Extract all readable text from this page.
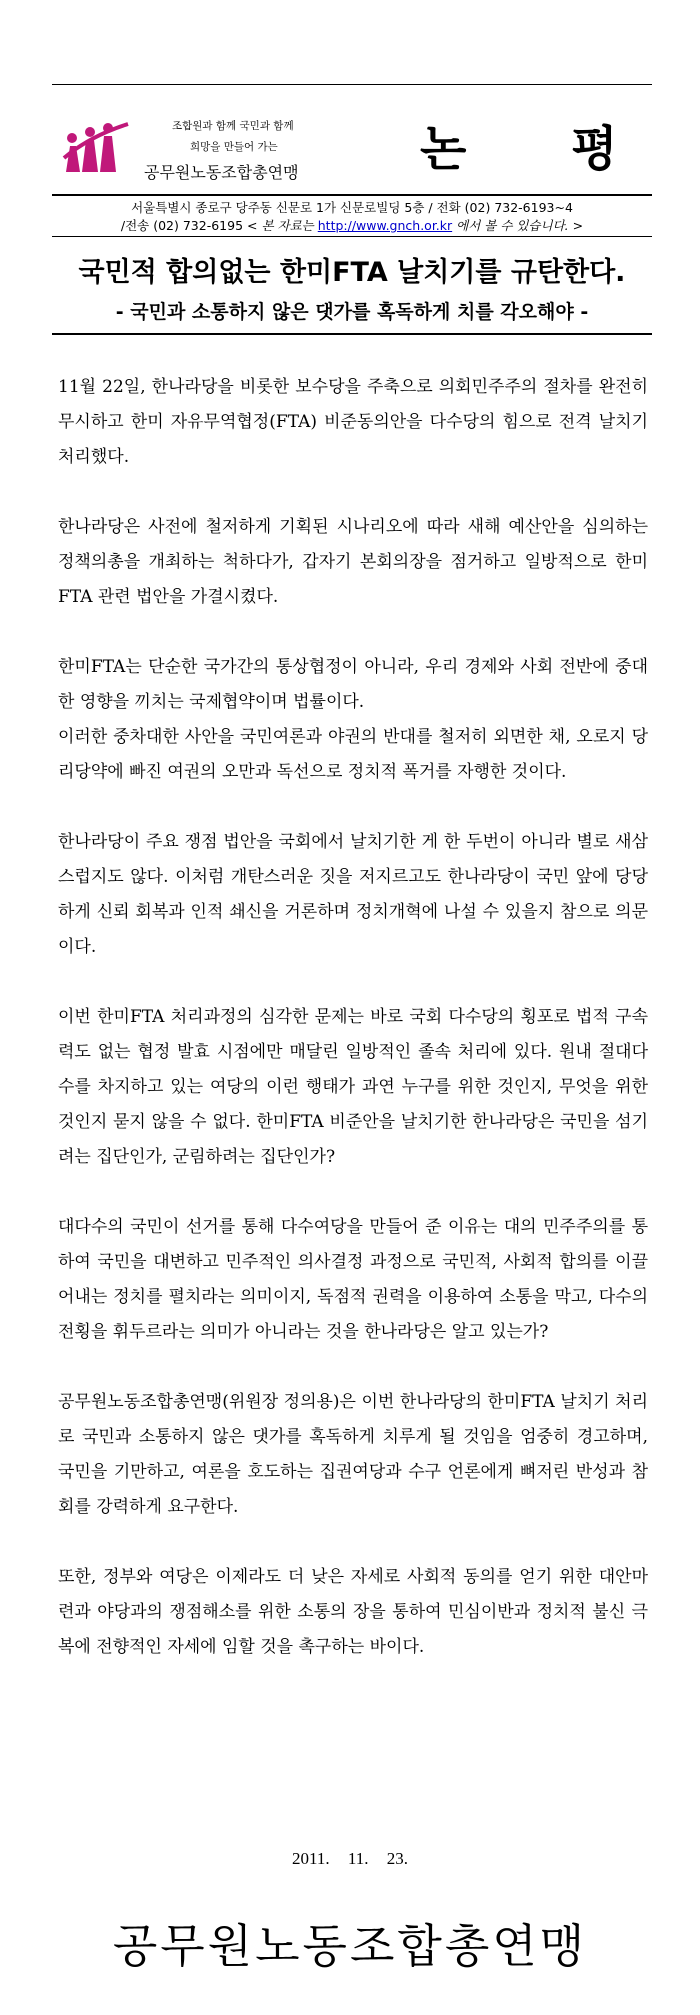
조합원과 함께 국민과 함께
희망을 만들어 가는
공무원노동조합총연맹	논 평
서울특별시 종로구 당주동 신문로 1가 신문로빌딩 5층 / 전화 (02) 732-6193~4
/전송 (02) 732-6195 < 본 자료는 http://www.gnch.or.kr 에서 볼 수 있습니다. >
국민적 합의없는 한미FTA 날치기를 규탄한다.
- 국민과 소통하지 않은 댓가를 혹독하게 치를 각오해야 -

11월 22일, 한나라당을 비롯한 보수당을 주축으로 의회민주주의 절차를 완전히 무시하고 한미 자유무역협정(FTA) 비준동의안을 다수당의 힘으로 전격 날치기 처리했다.

한나라당은 사전에 철저하게 기획된 시나리오에 따라 새해 예산안을 심의하는 정책의총을 개최하는 척하다가, 갑자기 본회의장을 점거하고 일방적으로 한미FTA 관련 법안을 가결시켰다.

한미FTA는 단순한 국가간의 통상협정이 아니라, 우리 경제와 사회 전반에 중대한 영향을 끼치는 국제협약이며 법률이다.

이러한 중차대한 사안을 국민여론과 야권의 반대를 철저히 외면한 채, 오로지 당리당약에 빠진 여권의 오만과 독선으로 정치적 폭거를 자행한 것이다.

한나라당이 주요 쟁점 법안을 국회에서 날치기한 게 한 두번이 아니라 별로 새삼스럽지도 않다. 이처럼 개탄스러운 짓을 저지르고도 한나라당이 국민 앞에 당당하게 신뢰 회복과 인적 쇄신을 거론하며 정치개혁에 나설 수 있을지 참으로 의문이다.

이번 한미FTA 처리과정의 심각한 문제는 바로 국회 다수당의 횡포로 법적 구속력도 없는 협정 발효 시점에만 매달린 일방적인 졸속 처리에 있다. 원내 절대다수를 차지하고 있는 여당의 이런 행태가 과연 누구를 위한 것인지, 무엇을 위한 것인지 묻지 않을 수 없다. 한미FTA 비준안을 날치기한 한나라당은 국민을 섬기려는 집단인가, 군림하려는 집단인가?

대다수의 국민이 선거를 통해 다수여당을 만들어 준 이유는 대의 민주주의를 통하여 국민을 대변하고 민주적인 의사결정 과정으로 국민적, 사회적 합의를 이끌어내는 정치를 펼치라는 의미이지, 독점적 권력을 이용하여 소통을 막고, 다수의 전횡을 휘두르라는 의미가 아니라는 것을 한나라당은 알고 있는가?

공무원노동조합총연맹(위원장 정의용)은 이번 한나라당의 한미FTA 날치기 처리로 국민과 소통하지 않은 댓가를 혹독하게 치루게 될 것임을 엄중히 경고하며, 국민을 기만하고, 여론을 호도하는 집권여당과 수구 언론에게 뼈저린 반성과 참회를 강력하게 요구한다.

또한, 정부와 여당은 이제라도 더 낮은 자세로 사회적 동의를 얻기 위한 대안마련과 야당과의 쟁점해소를 위한 소통의 장을 통하여 민심이반과 정치적 불신 극복에 전향적인 자세에 임할 것을 촉구하는 바이다.

2011. 11. 23.
공무원노동조합총연맹
